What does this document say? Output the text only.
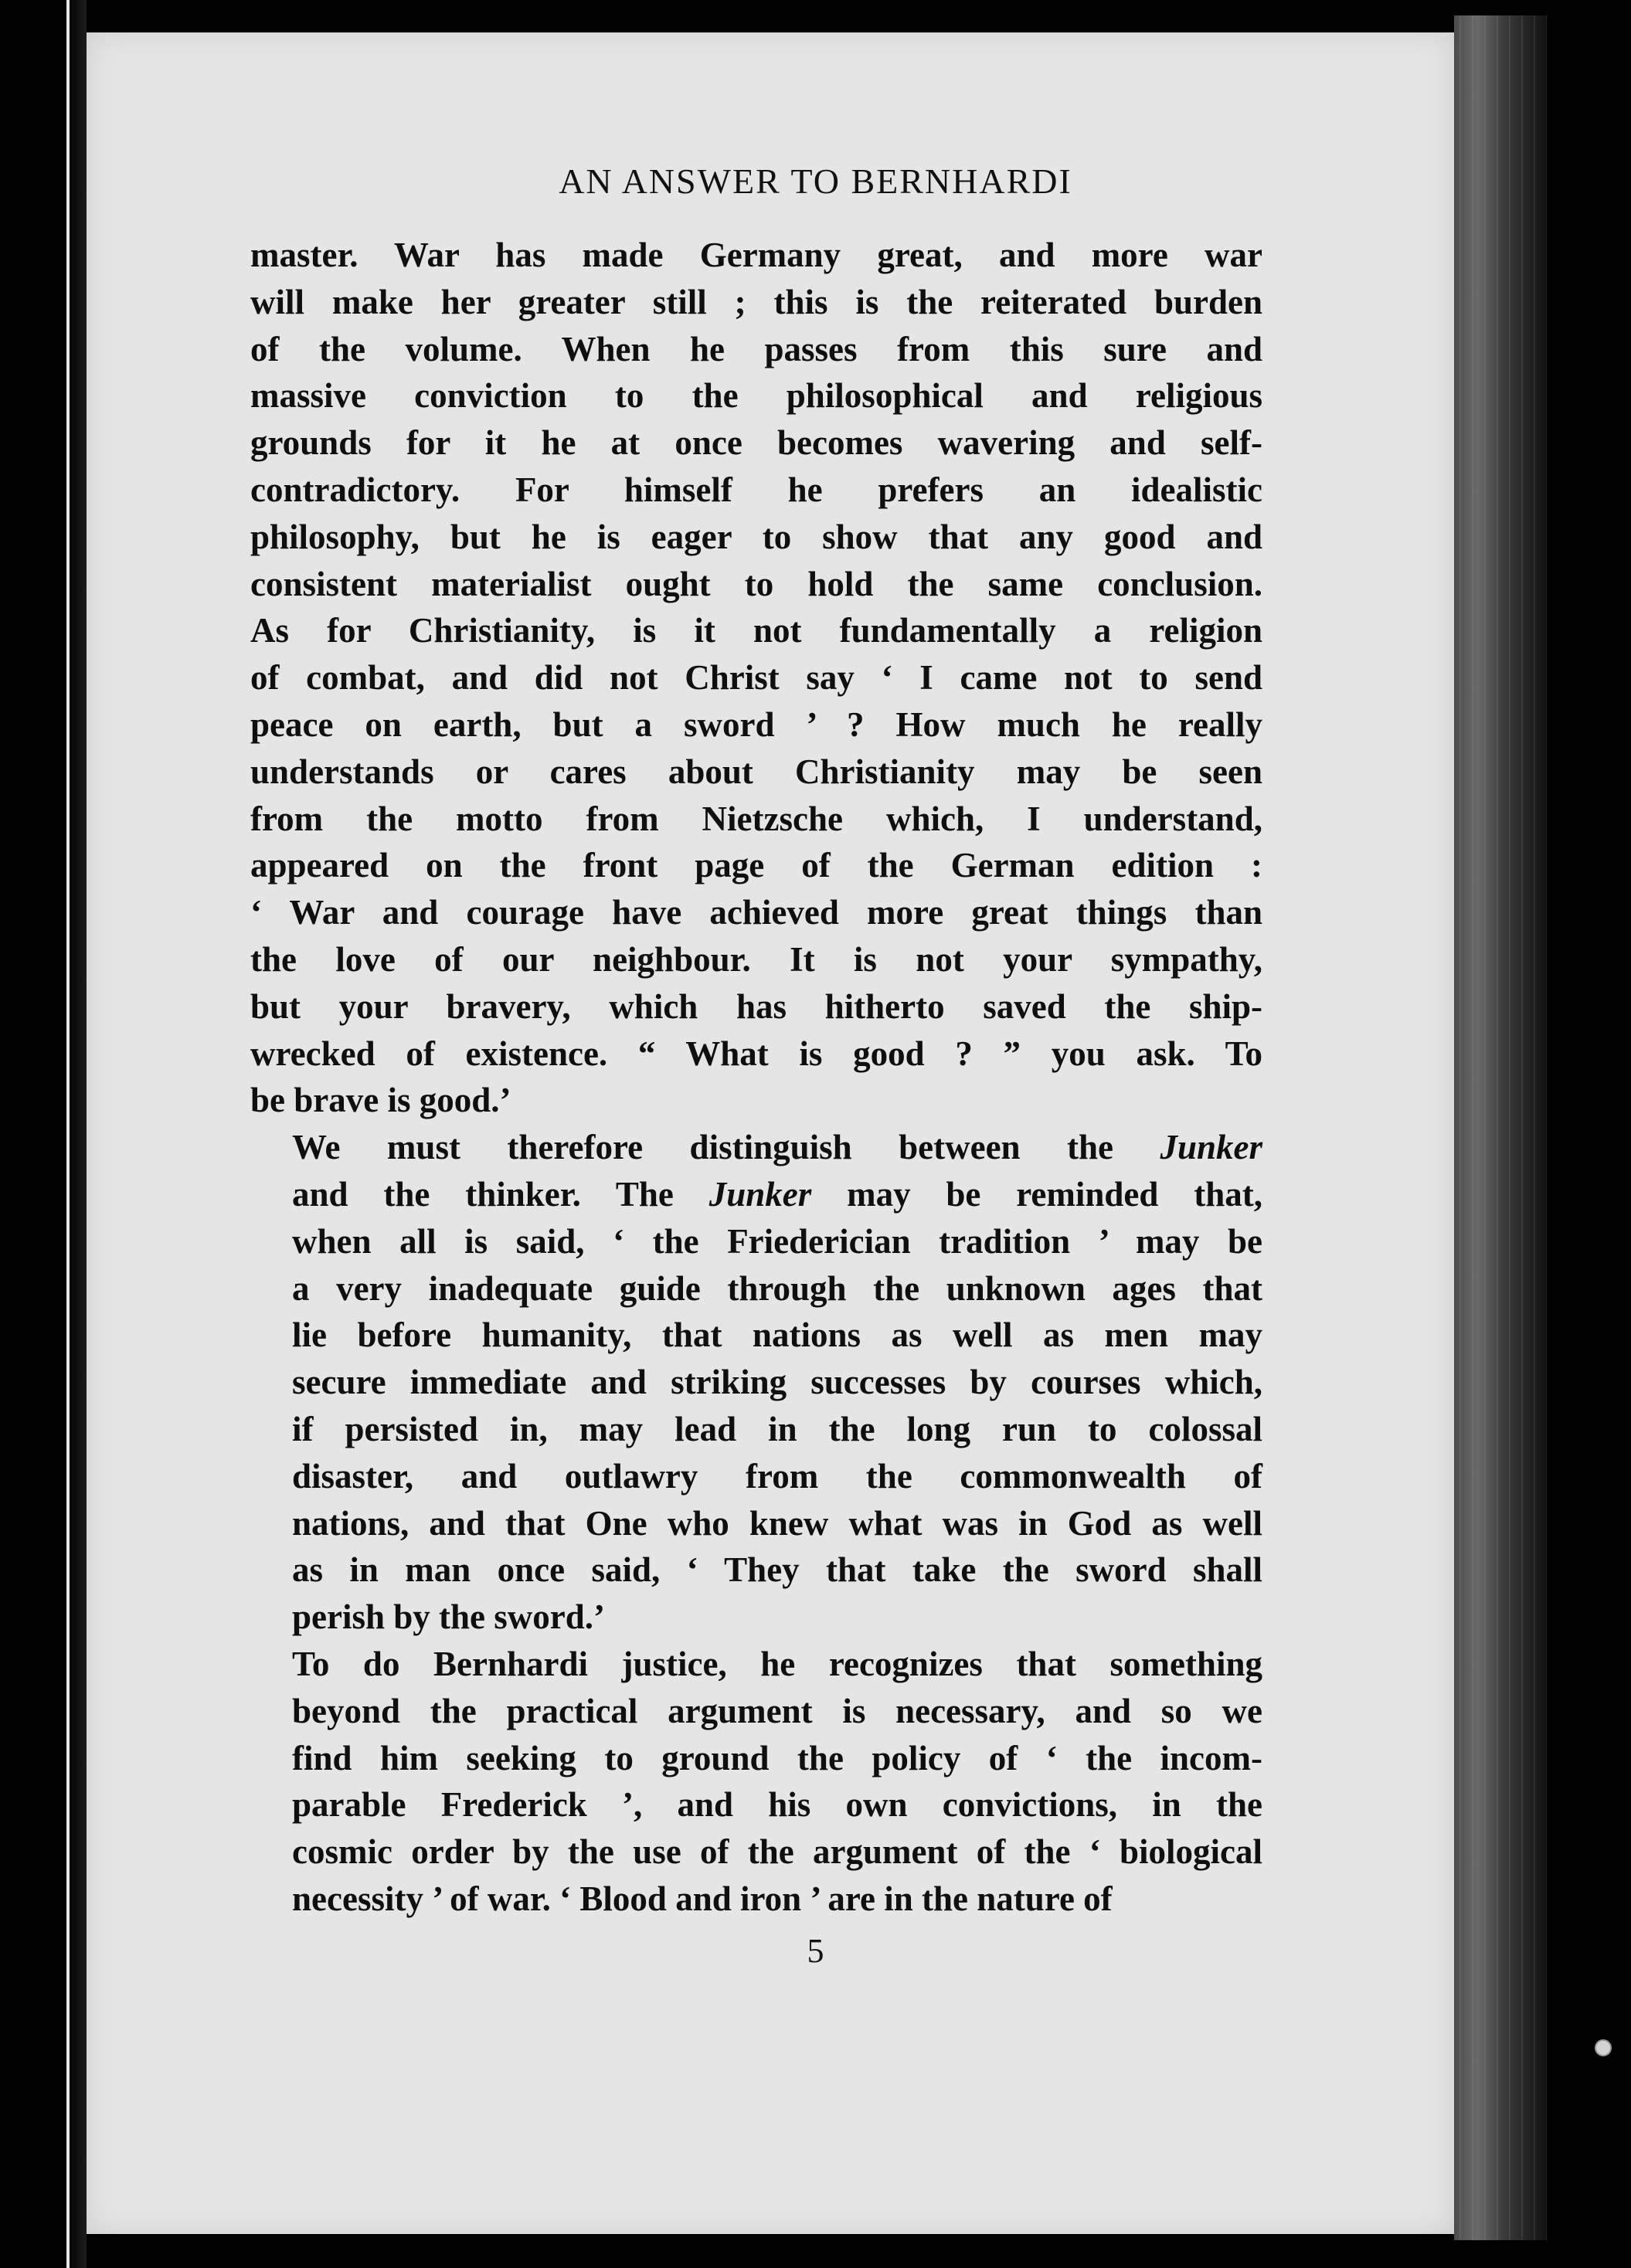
AN ANSWER TO BERNHARDI

master. War has made Germany great, and more war
will make her greater still ; this is the reiterated burden
of the volume. When he passes from this sure and
massive conviction to the philosophical and religious
grounds for it he at once becomes wavering and self-
contradictory. For himself he prefers an idealistic
philosophy, but he is eager to show that any good and
consistent materialist ought to hold the same conclusion.
As for Christianity, is it not fundamentally a religion
of combat, and did not Christ say ‘ I came not to send
peace on earth, but a sword ’ ? How much he really
understands or cares about Christianity may be seen
from the motto from Nietzsche which, I understand,
appeared on the front page of the German edition :
‘ War and courage have achieved more great things than
the love of our neighbour. It is not your sympathy,
but your bravery, which has hitherto saved the ship-
wrecked of existence. “ What is good ? ” you ask. To
be brave is good.’

We must therefore distinguish between the Junker
and the thinker. The Junker may be reminded that,
when all is said, ‘ the Friederician tradition ’ may be
a very inadequate guide through the unknown ages that
lie before humanity, that nations as well as men may
secure immediate and striking successes by courses which,
if persisted in, may lead in the long run to colossal
disaster, and outlawry from the commonwealth of
nations, and that One who knew what was in God as well
as in man once said, ‘ They that take the sword shall
perish by the sword.’

To do Bernhardi justice, he recognizes that something
beyond the practical argument is necessary, and so we
find him seeking to ground the policy of ‘ the incom-
parable Frederick ’, and his own convictions, in the
cosmic order by the use of the argument of the ‘ biological
necessity ’ of war. ‘ Blood and iron ’ are in the nature of

5
